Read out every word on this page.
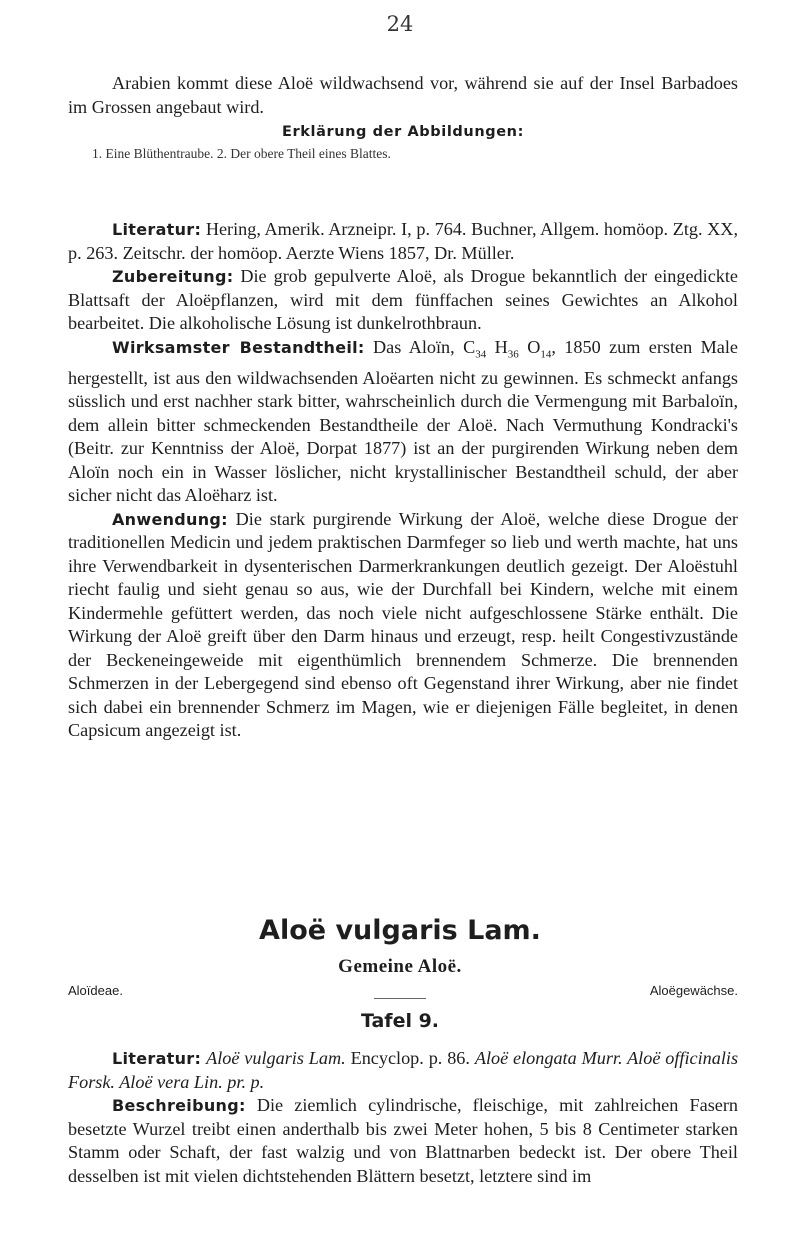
24

Arabien kommt diese Aloë wildwachsend vor, während sie auf der Insel Barbadoes im Grossen angebaut wird.

Erklärung der Abbildungen:
1. Eine Blüthentraube. 2. Der obere Theil eines Blattes.

Literatur: Hering, Amerik. Arzneipr. I, p. 764. Buchner, Allgem. homöop. Ztg. XX, p. 263. Zeitschr. der homöop. Aerzte Wiens 1857, Dr. Müller.

Zubereitung: Die grob gepulverte Aloë, als Drogue bekanntlich der eingedickte Blattsaft der Aloëpflanzen, wird mit dem fünffachen seines Gewichtes an Alkohol bearbeitet. Die alkoholische Lösung ist dunkelrothbraun.

Wirksamster Bestandtheil: Das Aloïn, $C_{34}$ $H_{36}$ $O_{14}$, 1850 zum ersten Male hergestellt, ist aus den wildwachsenden Aloëarten nicht zu gewinnen. Es schmeckt anfangs süsslich und erst nachher stark bitter, wahrscheinlich durch die Vermengung mit Barbaloïn, dem allein bitter schmeckenden Bestandtheile der Aloë. Nach Vermuthung Kondracki's (Beitr. zur Kenntniss der Aloë, Dorpat 1877) ist an der purgirenden Wirkung neben dem Aloïn noch ein in Wasser löslicher, nicht krystallinischer Bestandtheil schuld, der aber sicher nicht das Aloëharz ist.

Anwendung: Die stark purgirende Wirkung der Aloë, welche diese Drogue der traditionellen Medicin und jedem praktischen Darmfeger so lieb und werth machte, hat uns ihre Verwendbarkeit in dysenterischen Darmerkrankungen deutlich gezeigt. Der Aloëstuhl riecht faulig und sieht genau so aus, wie der Durchfall bei Kindern, welche mit einem Kindermehle gefüttert werden, das noch viele nicht aufgeschlossene Stärke enthält. Die Wirkung der Aloë greift über den Darm hinaus und erzeugt, resp. heilt Congestivzustände der Beckeneingeweide mit eigenthümlich brennendem Schmerze. Die brennenden Schmerzen in der Lebergegend sind ebenso oft Gegenstand ihrer Wirkung, aber nie findet sich dabei ein brennender Schmerz im Magen, wie er diejenigen Fälle begleitet, in denen Capsicum angezeigt ist.

Aloë vulgaris Lam.
Gemeine Aloë.
Aloïdeae.	Aloëgewächse.
Tafel 9.

Literatur: Aloë vulgaris Lam. Encyclop. p. 86. Aloë elongata Murr. Aloë officinalis Forsk. Aloë vera Lin. pr. p.

Beschreibung: Die ziemlich cylindrische, fleischige, mit zahlreichen Fasern besetzte Wurzel treibt einen anderthalb bis zwei Meter hohen, 5 bis 8 Centimeter starken Stamm oder Schaft, der fast walzig und von Blattnarben bedeckt ist. Der obere Theil desselben ist mit vielen dichtstehenden Blättern besetzt, letztere sind im
